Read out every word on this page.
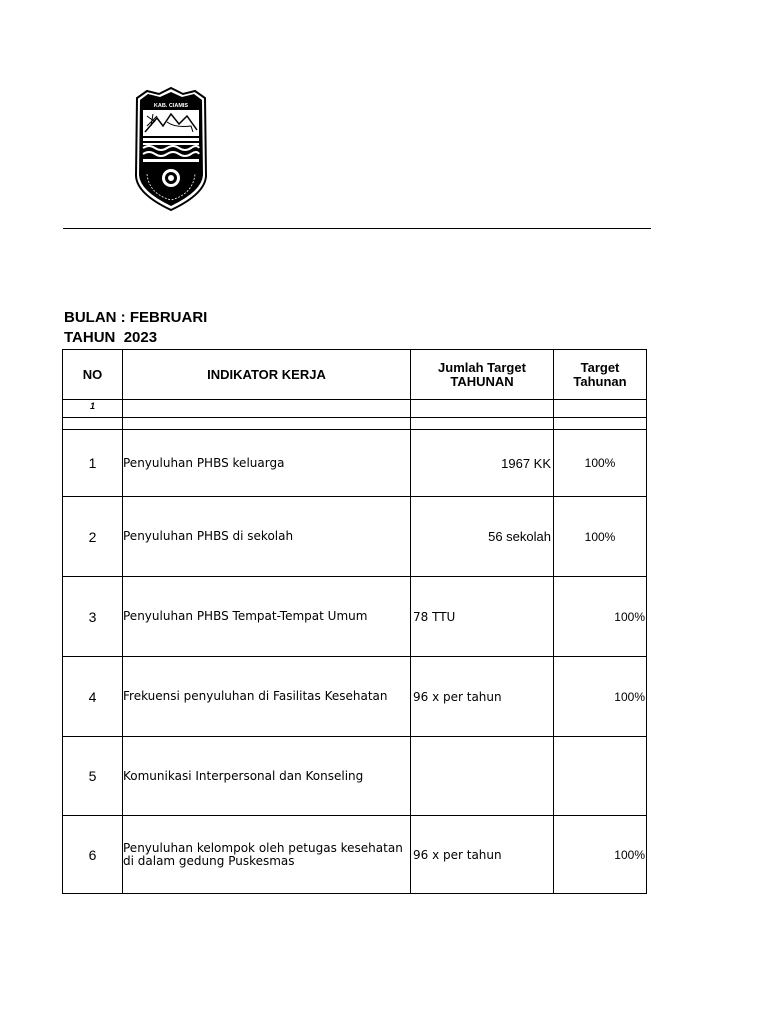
KAB. CIAMIS
BULAN : FEBRUARI
TAHUN  2023
NO	INDIKATOR KERJA	Jumlah Target TAHUNAN	Target Tahunan
1			

1	Penyuluhan PHBS keluarga	1967 KK	100%
2	Penyuluhan PHBS di sekolah	56 sekolah	100%
3	Penyuluhan PHBS Tempat-Tempat Umum	78 TTU	100%
4	Frekuensi penyuluhan di Fasilitas Kesehatan	96 x per tahun	100%
5	Komunikasi Interpersonal dan Konseling		
6	Penyuluhan kelompok oleh petugas kesehatan di dalam gedung Puskesmas	96 x per tahun	100%
